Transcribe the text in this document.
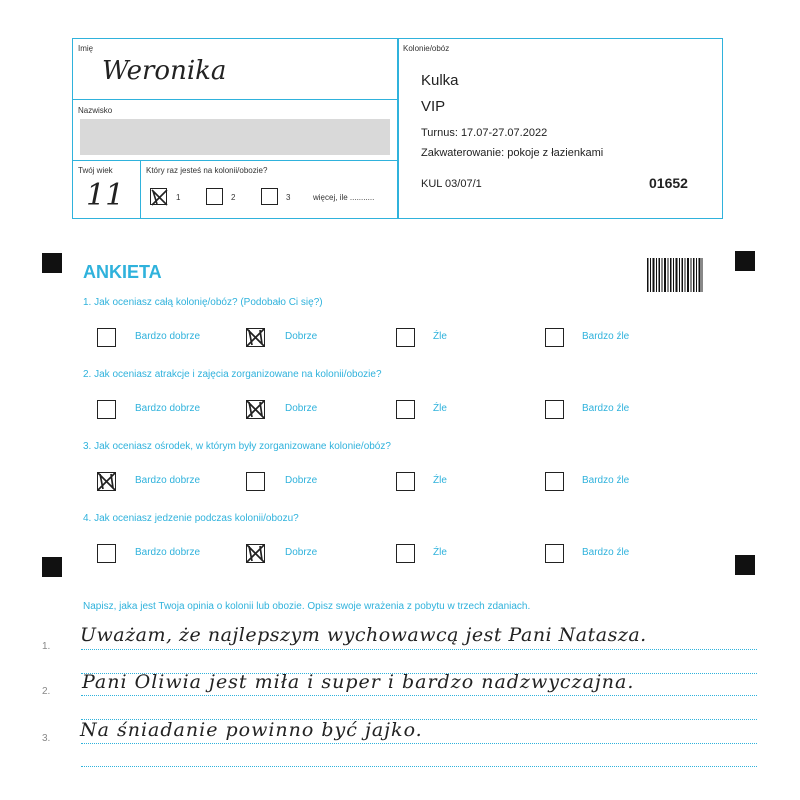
Imię
Weronika
Nazwisko
Twój wiek
11
Który raz jesteś na kolonii/obozie?
1	2	3	więcej, ile ...........
Kolonie/obóz
Kulka
VIP
Turnus: 17.07-27.07.2022
Zakwaterowanie: pokoje z łazienkami
KUL 03/07/1	01652
ANKIETA
1. Jak oceniasz całą kolonię/obóz? (Podobało Ci się?)
Bardzo dobrze	Dobrze	Źle	Bardzo źle
2. Jak oceniasz atrakcje i zajęcia zorganizowane na kolonii/obozie?
Bardzo dobrze	Dobrze	Źle	Bardzo źle
3. Jak oceniasz ośrodek, w którym były zorganizowane kolonie/obóz?
Bardzo dobrze	Dobrze	Źle	Bardzo źle
4. Jak oceniasz jedzenie podczas kolonii/obozu?
Bardzo dobrze	Dobrze	Źle	Bardzo źle
Napisz, jaka jest Twoja opinia o kolonii lub obozie. Opisz swoje wrażenia z pobytu w trzech zdaniach.
1.
2.
3.
Uważam, że najlepszym wychowawcą jest Pani Natasza.
Pani Oliwia jest miła i super i bardzo nadzwyczajna.
Na śniadanie powinno być jajko.
